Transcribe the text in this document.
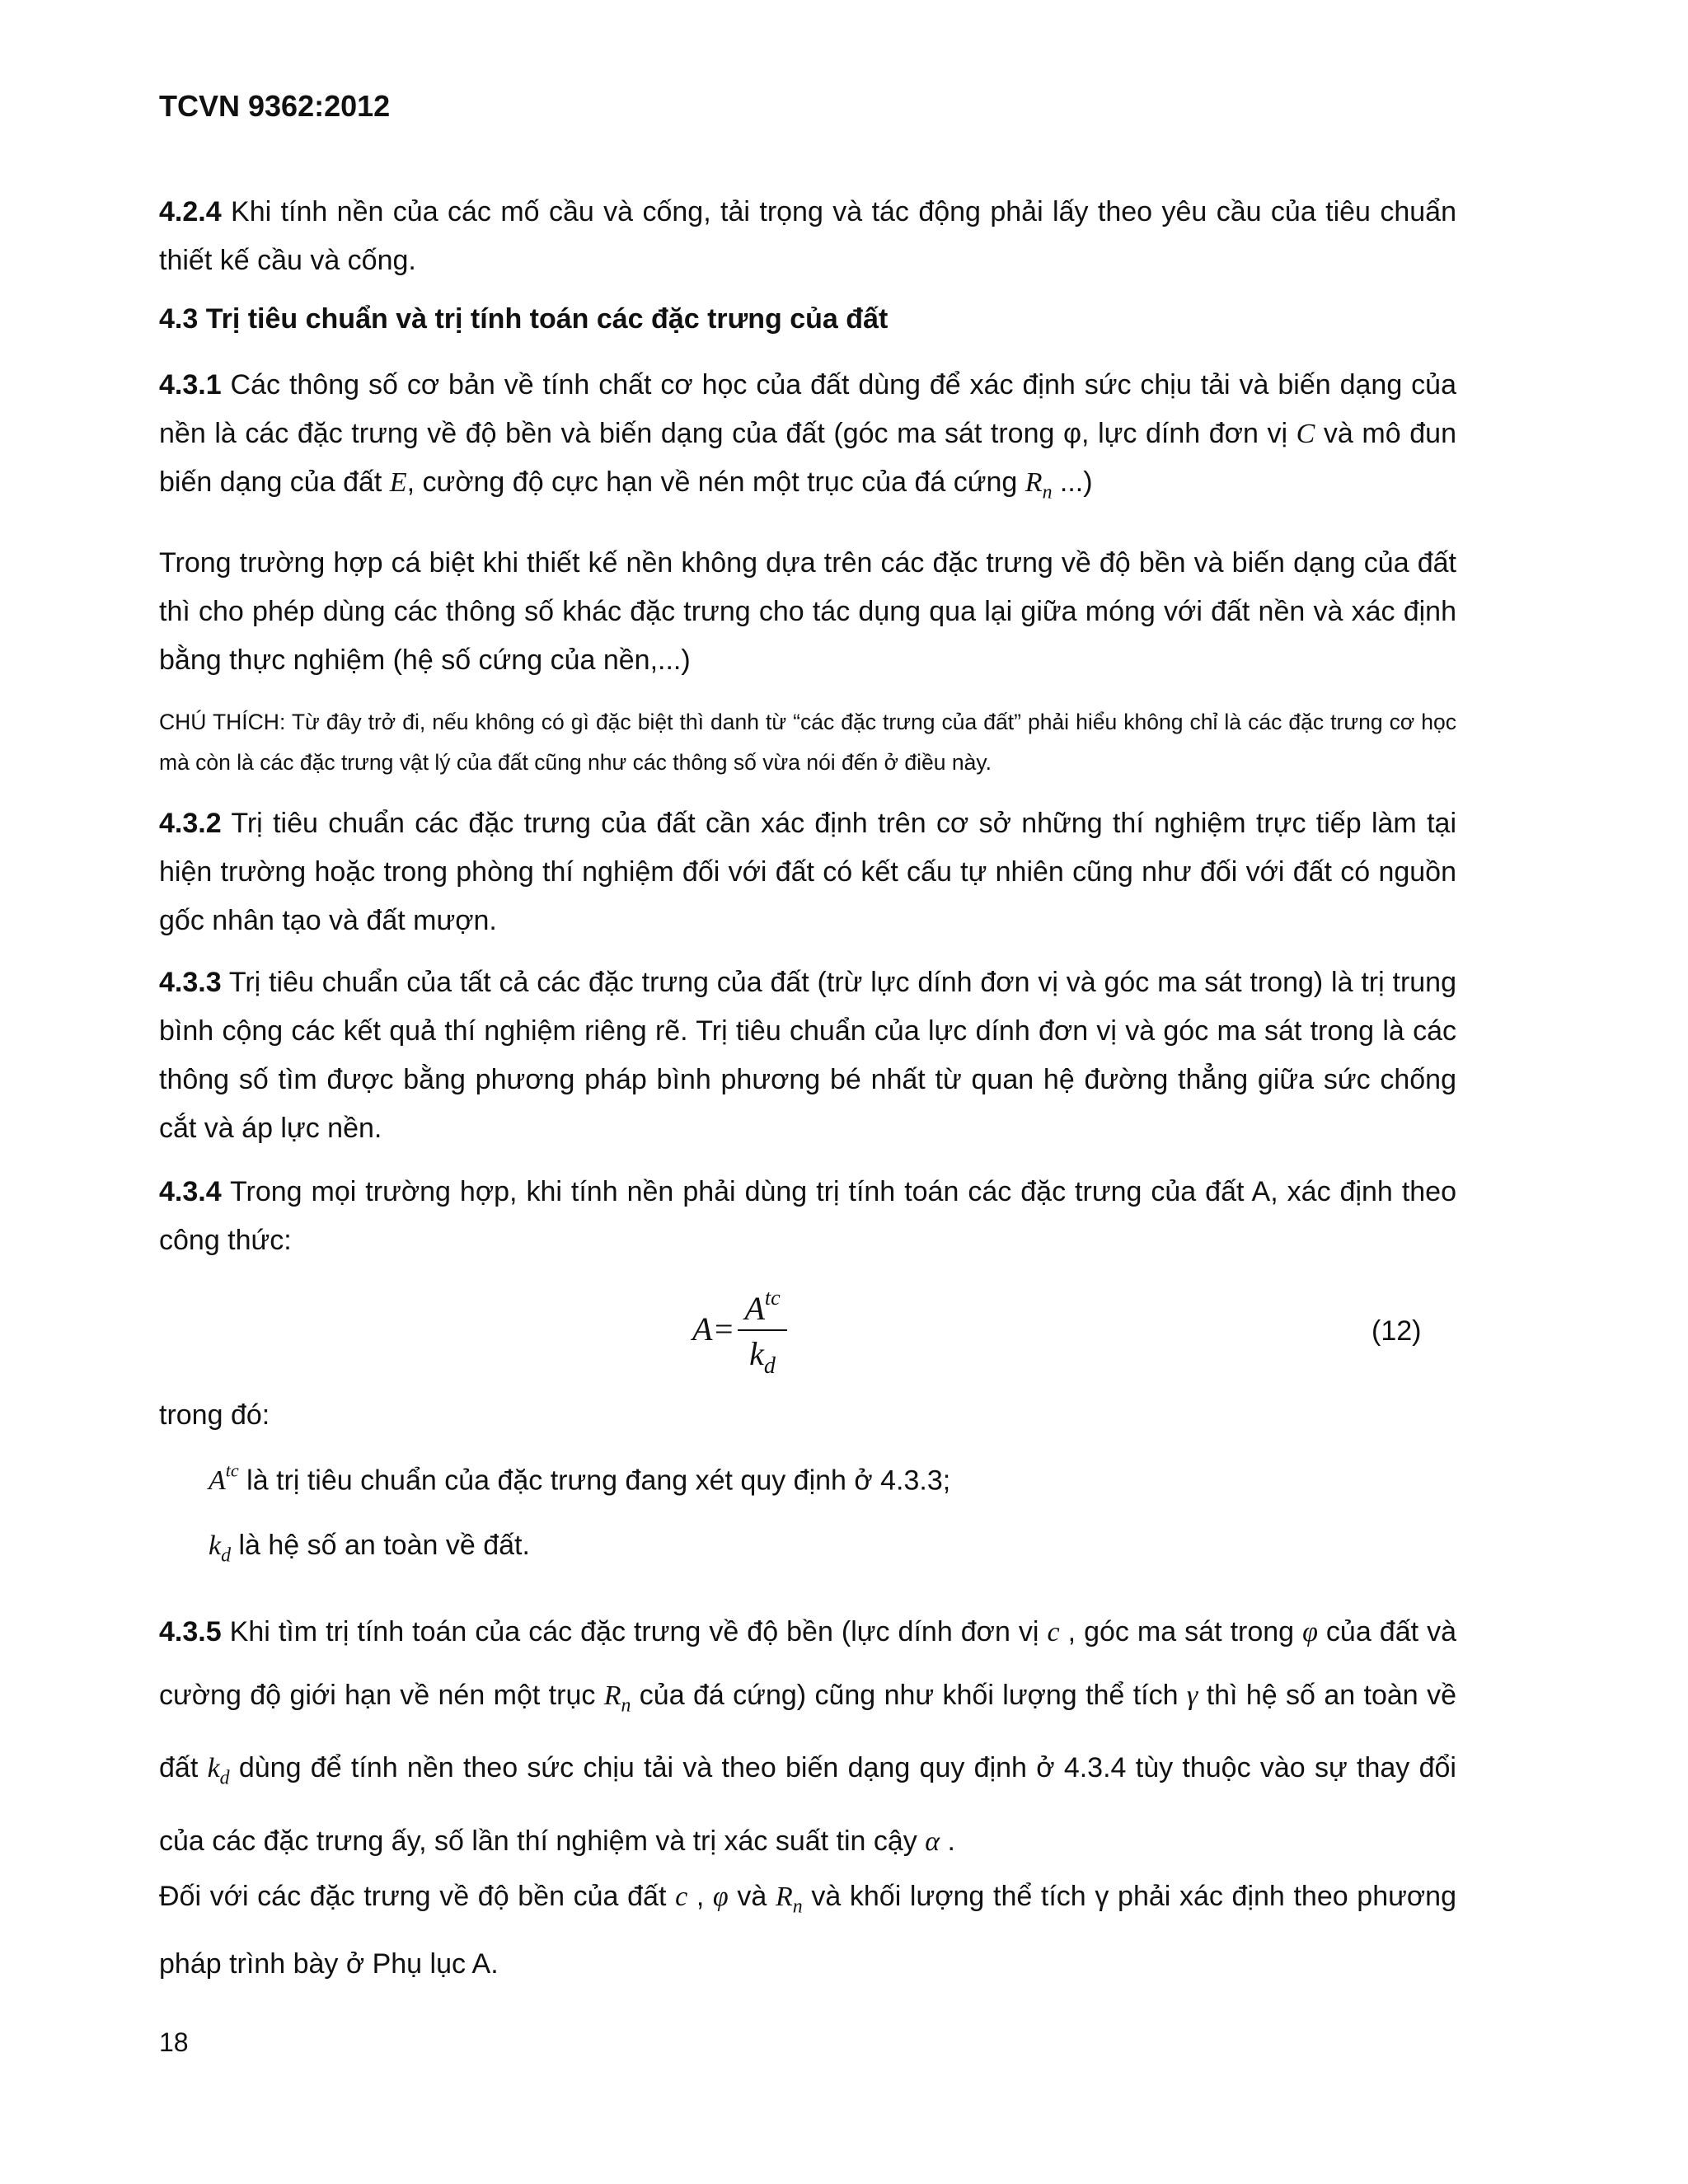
TCVN 9362:2012

4.2.4 Khi tính nền của các mố cầu và cống, tải trọng và tác động phải lấy theo yêu cầu của tiêu chuẩn thiết kế cầu và cống.

4.3 Trị tiêu chuẩn và trị tính toán các đặc trưng của đất

4.3.1 Các thông số cơ bản về tính chất cơ học của đất dùng để xác định sức chịu tải và biến dạng của nền là các đặc trưng về độ bền và biến dạng của đất (góc ma sát trong φ, lực dính đơn vị C và mô đun biến dạng của đất E, cường độ cực hạn về nén một trục của đá cứng $R_n$ ...)

Trong trường hợp cá biệt khi thiết kế nền không dựa trên các đặc trưng về độ bền và biến dạng của đất thì cho phép dùng các thông số khác đặc trưng cho tác dụng qua lại giữa móng với đất nền và xác định bằng thực nghiệm (hệ số cứng của nền,...)

CHÚ THÍCH: Từ đây trở đi, nếu không có gì đặc biệt thì danh từ “các đặc trưng của đất” phải hiểu không chỉ là các đặc trưng cơ học mà còn là các đặc trưng vật lý của đất cũng như các thông số vừa nói đến ở điều này.

4.3.2 Trị tiêu chuẩn các đặc trưng của đất cần xác định trên cơ sở những thí nghiệm trực tiếp làm tại hiện trường hoặc trong phòng thí nghiệm đối với đất có kết cấu tự nhiên cũng như đối với đất có nguồn gốc nhân tạo và đất mượn.

4.3.3 Trị tiêu chuẩn của tất cả các đặc trưng của đất (trừ lực dính đơn vị và góc ma sát trong) là trị trung bình cộng các kết quả thí nghiệm riêng rẽ. Trị tiêu chuẩn của lực dính đơn vị và góc ma sát trong là các thông số tìm được bằng phương pháp bình phương bé nhất từ quan hệ đường thẳng giữa sức chống cắt và áp lực nền.

4.3.4 Trong mọi trường hợp, khi tính nền phải dùng trị tính toán các đặc trưng của đất A, xác định theo công thức:

$A= \frac{A^{tc}}{k_d}$	(12)
trong đó:
$A^{tc}$ là trị tiêu chuẩn của đặc trưng đang xét quy định ở 4.3.3;
$k_d$ là hệ số an toàn về đất.

4.3.5 Khi tìm trị tính toán của các đặc trưng về độ bền (lực dính đơn vị c , góc ma sát trong φ của đất và cường độ giới hạn về nén một trục $R_n$ của đá cứng) cũng như khối lượng thể tích γ thì hệ số an toàn về đất $k_d$ dùng để tính nền theo sức chịu tải và theo biến dạng quy định ở 4.3.4 tùy thuộc vào sự thay đổi của các đặc trưng ấy, số lần thí nghiệm và trị xác suất tin cậy α .

Đối với các đặc trưng về độ bền của đất c , φ và $R_n$ và khối lượng thể tích γ phải xác định theo phương pháp trình bày ở Phụ lục A.

18
